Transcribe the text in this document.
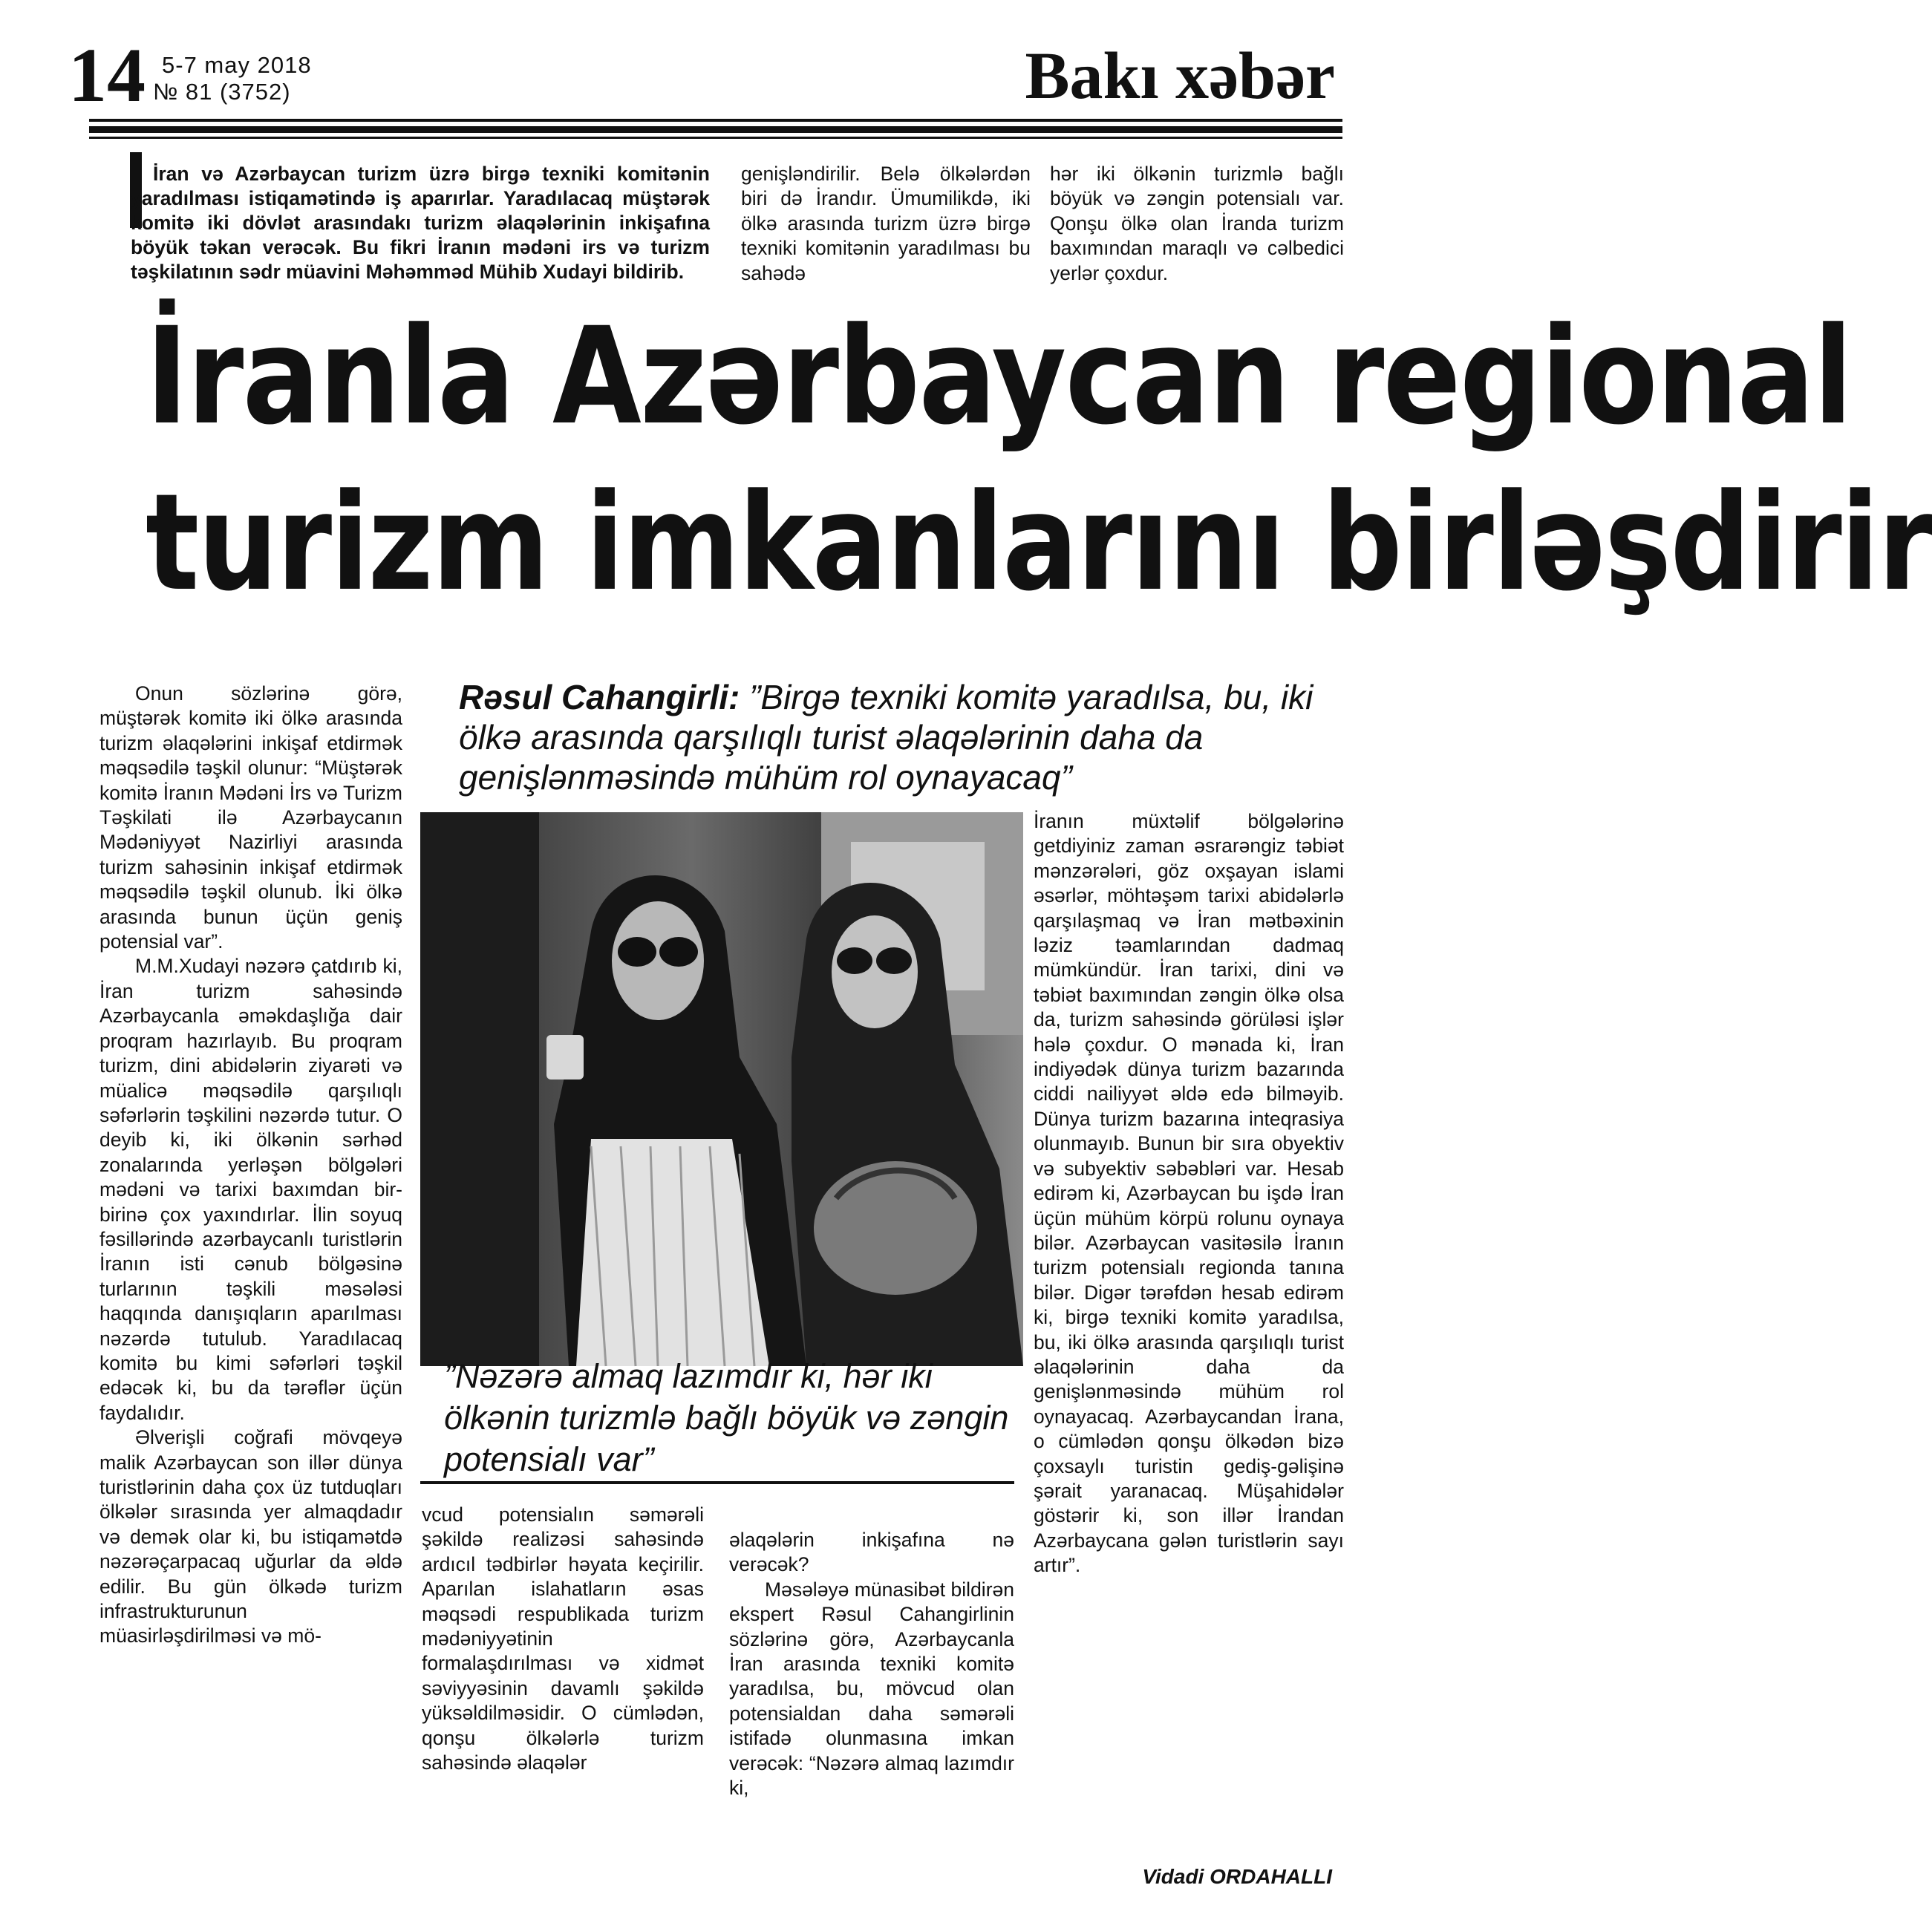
14 5-7 may 2018
№ 81 (3752)	Bakı xəbər
İran və Azərbaycan turizm üzrə birgə texniki komitənin yaradılması istiqamətində iş aparırlar. Yaradılacaq müştərək komitə iki dövlət arasındakı turizm əlaqələrinin inkişafına böyük təkan verəcək. Bu fikri İranın mədəni irs və turizm təşkilatının sədr müavini Məhəmməd Mühib Xudayi bildirib.

genişləndirilir. Belə ölkələrdən biri də İrandır. Ümumilikdə, iki ölkə arasında turizm üzrə birgə texniki komitənin yaradılması bu sahədə

hər iki ölkənin turizmlə bağlı böyük və zəngin potensialı var. Qonşu ölkə olan İranda turizm baxımından maraqlı və cəlbedici yerlər çoxdur.

İranla Azərbaycan regional
turizm imkanlarını birləşdirir

Onun sözlərinə görə, müştərək komitə iki ölkə arasında turizm əlaqələrini inkişaf etdirmək məqsədilə təşkil olunur: “Müştərək komitə İranın Mədəni İrs və Turizm Təşkilati ilə Azərbaycanın Mədəniyyət Nazirliyi arasında turizm sahəsinin inkişaf etdirmək məqsədilə təşkil olunub. İki ölkə arasında bunun üçün geniş potensial var”.

M.M.Xudayi nəzərə çatdırıb ki, İran turizm sahəsində Azərbaycanla əməkdaşlığa dair proqram hazırlayıb. Bu proqram turizm, dini abidələrin ziyarəti və müalicə məqsədilə qarşılıqlı səfərlərin təşkilini nəzərdə tutur. O deyib ki, iki ölkənin sərhəd zonalarında yerləşən bölgələri mədəni və tarixi baxımdan bir-birinə çox yaxındırlar. İlin soyuq fəsillərində azərbaycanlı turistlərin İranın isti cənub bölgəsinə turlarının təşkili məsələsi haqqında danışıqların aparılması nəzərdə tutulub. Yaradılacaq komitə bu kimi səfərləri təşkil edəcək ki, bu da tərəflər üçün faydalıdır.

Əlverişli coğrafi mövqeyə malik Azərbaycan son illər dünya turistlərinin daha çox üz tutduqları ölkələr sırasında yer almaqdadır və demək olar ki, bu istiqamətdə nəzərəçarpacaq uğurlar da əldə edilir. Bu gün ölkədə turizm infrastrukturunun müasirləşdirilməsi və mö-

Rəsul Cahangirli: ”Birgə texniki komitə yaradılsa, bu, iki ölkə arasında qarşılıqlı turist əlaqələrinin daha da genişlənməsində mühüm rol oynayacaq”

İranın müxtəlif bölgələrinə getdiyiniz zaman əsrarəngiz təbiət mənzərələri, göz oxşayan islami əsərlər, möhtəşəm tarixi abidələrlə qarşılaşmaq və İran mətbəxinin ləziz təamlarından dadmaq mümkündür. İran tarixi, dini və təbiət baxımından zəngin ölkə olsa da, turizm sahəsində görüləsi işlər hələ çoxdur. O mənada ki, İran indiyədək dünya turizm bazarında ciddi nailiyyət əldə edə bilməyib. Dünya turizm bazarına inteqrasiya olunmayıb. Bunun bir sıra obyektiv və subyektiv səbəbləri var. Hesab edirəm ki, Azərbaycan bu işdə İran üçün mühüm körpü rolunu oynaya bilər. Azərbaycan vasitəsilə İranın turizm potensialı regionda tanına bilər. Digər tərəfdən hesab edirəm ki, birgə texniki komitə yaradılsa, bu, iki ölkə arasında qarşılıqlı turist əlaqələrinin daha da genişlənməsində mühüm rol oynayacaq. Azərbaycandan İrana, o cümlədən qonşu ölkədən bizə çoxsaylı turistin gediş-gəlişinə şərait yaranacaq. Müşahidələr göstərir ki, son illər İrandan Azərbaycana gələn turistlərin sayı artır”.

”Nəzərə almaq lazımdır ki, hər iki ölkənin turizmlə bağlı böyük və zəngin potensialı var”

vcud potensialın səmərəli şəkildə realizəsi sahəsində ardıcıl tədbirlər həyata keçirilir. Aparılan islahatların əsas məqsədi respublikada turizm mədəniyyətinin formalaşdırılması və xidmət səviyyəsinin davamlı şəkildə yüksəldilməsidir. O cümlədən, qonşu ölkələrlə turizm sahəsində əlaqələr

əlaqələrin inkişafına nə verəcək?

Məsələyə münasibət bildirən ekspert Rəsul Cahangirlinin sözlərinə görə, Azərbaycanla İran arasında texniki komitə yaradılsa, bu, mövcud olan potensialdan daha səmərəli istifadə olunmasına imkan verəcək: “Nəzərə almaq lazımdır ki,

Vidadi ORDAHALLI
